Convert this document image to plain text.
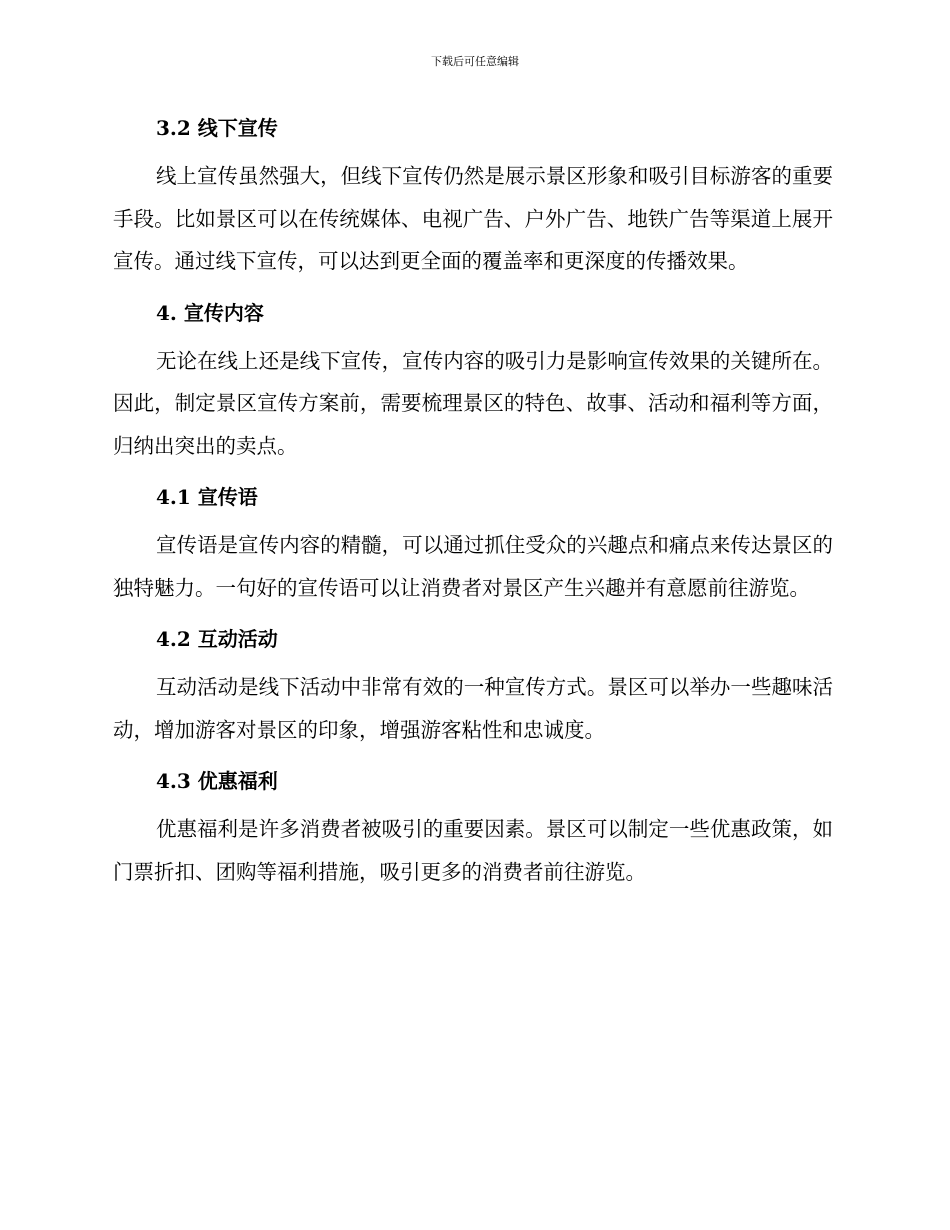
下载后可任意编辑
3.2 线下宣传

线上宣传虽然强大，但线下宣传仍然是展示景区形象和吸引目标游客的重要手段。比如景区可以在传统媒体、电视广告、户外广告、地铁广告等渠道上展开宣传。通过线下宣传，可以达到更全面的覆盖率和更深度的传播效果。

4. 宣传内容

无论在线上还是线下宣传，宣传内容的吸引力是影响宣传效果的关键所在。因此，制定景区宣传方案前，需要梳理景区的特色、故事、活动和福利等方面，归纳出突出的卖点。

4.1 宣传语

宣传语是宣传内容的精髓，可以通过抓住受众的兴趣点和痛点来传达景区的独特魅力。一句好的宣传语可以让消费者对景区产生兴趣并有意愿前往游览。

4.2 互动活动

互动活动是线下活动中非常有效的一种宣传方式。景区可以举办一些趣味活动，增加游客对景区的印象，增强游客粘性和忠诚度。

4.3 优惠福利

优惠福利是许多消费者被吸引的重要因素。景区可以制定一些优惠政策，如门票折扣、团购等福利措施，吸引更多的消费者前往游览。
